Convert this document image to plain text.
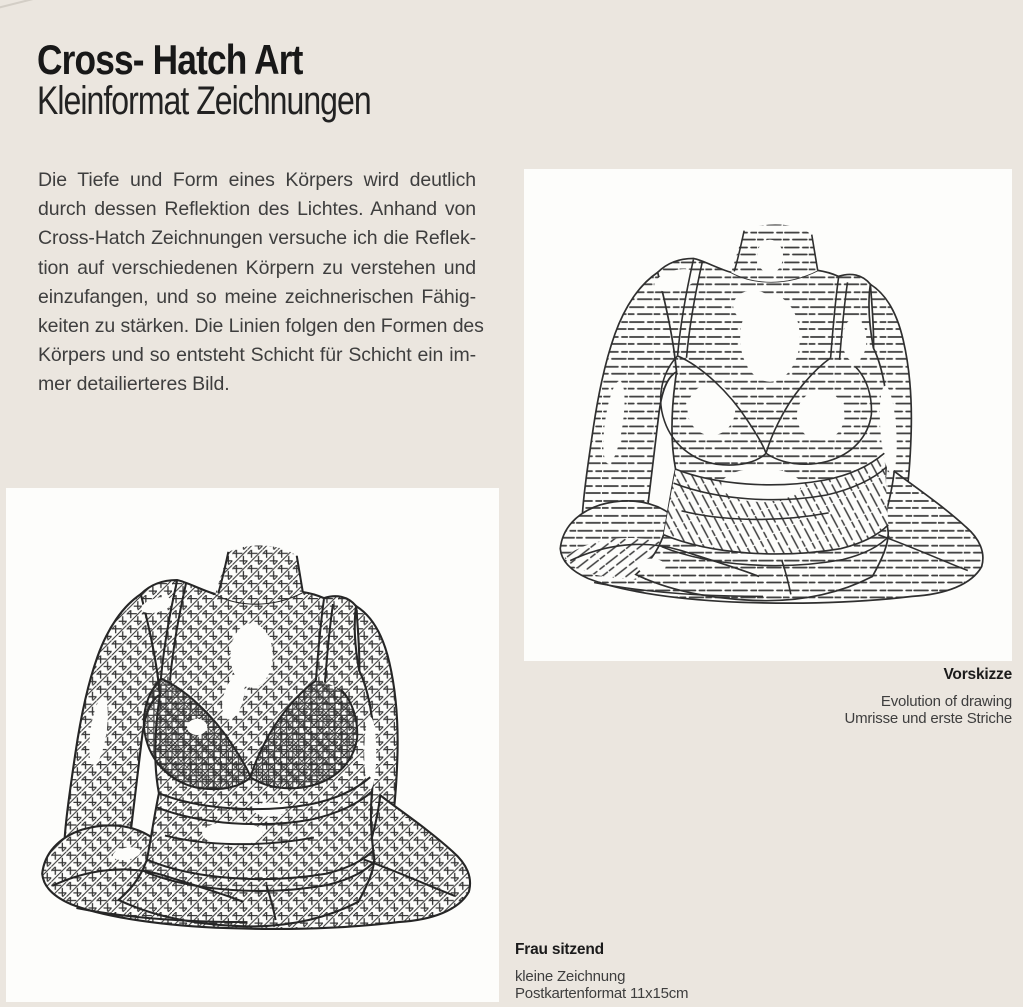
Cross- Hatch Art
Kleinformat Zeichnungen
Die Tiefe und Form eines Körpers wird deutlich
durch dessen Reflektion des Lichtes. Anhand von
Cross-Hatch Zeichnungen versuche ich die Reflek-
tion auf verschiedenen Körpern zu verstehen und
einzufangen, und so meine zeichnerischen Fähig-
keiten zu stärken. Die Linien folgen den Formen des
Körpers und so entsteht Schicht für Schicht ein im-
mer detailierteres Bild.
Vorskizze
Evolution of drawing
Umrisse und erste Striche
Frau sitzend
kleine Zeichnung
Postkartenformat 11x15cm
